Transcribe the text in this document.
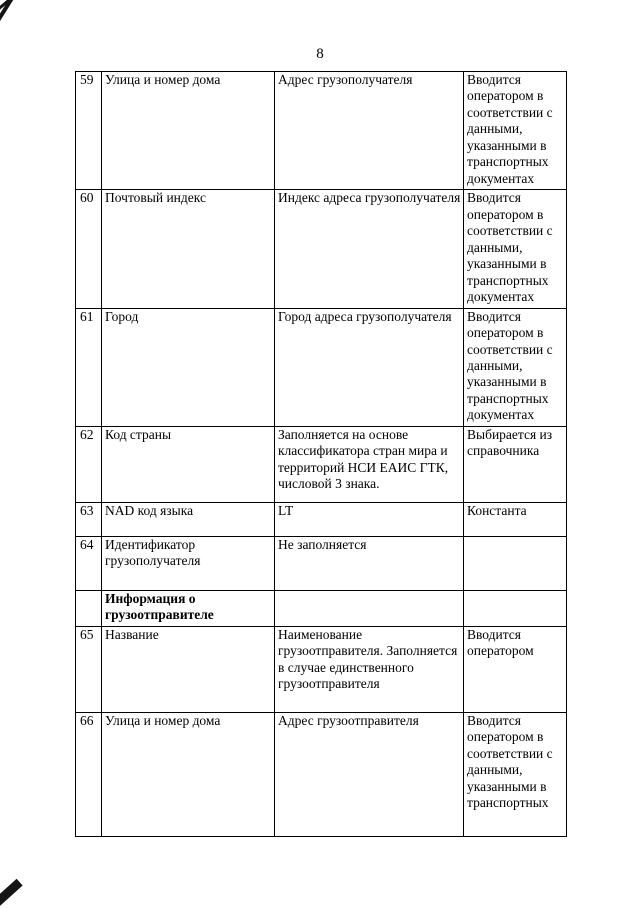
8
59	Улица и номер дома	Адрес грузополучателя	Вводится оператором в соответствии с данными, указанными в транспортных документах
60	Почтовый индекс	Индекс адреса грузополучателя	Вводится оператором в соответствии с данными, указанными в транспортных документах
61	Город	Город адреса грузополучателя	Вводится оператором в соответствии с данными, указанными в транспортных документах
62	Код страны	Заполняется на основе классификатора стран мира и территорий НСИ ЕАИС ГТК, числовой 3 знака.	Выбирается из справочника
63	NAD код языка	LT	Константа
64	Идентификатор грузополучателя	Не заполняется	
	Информация о грузоотправителе		
65	Название	Наименование грузоотправителя. Заполняется в случае единственного грузоотправителя	Вводится оператором
66	Улица и номер дома	Адрес грузоотправителя	Вводится оператором в соответствии с данными, указанными в транспортных
